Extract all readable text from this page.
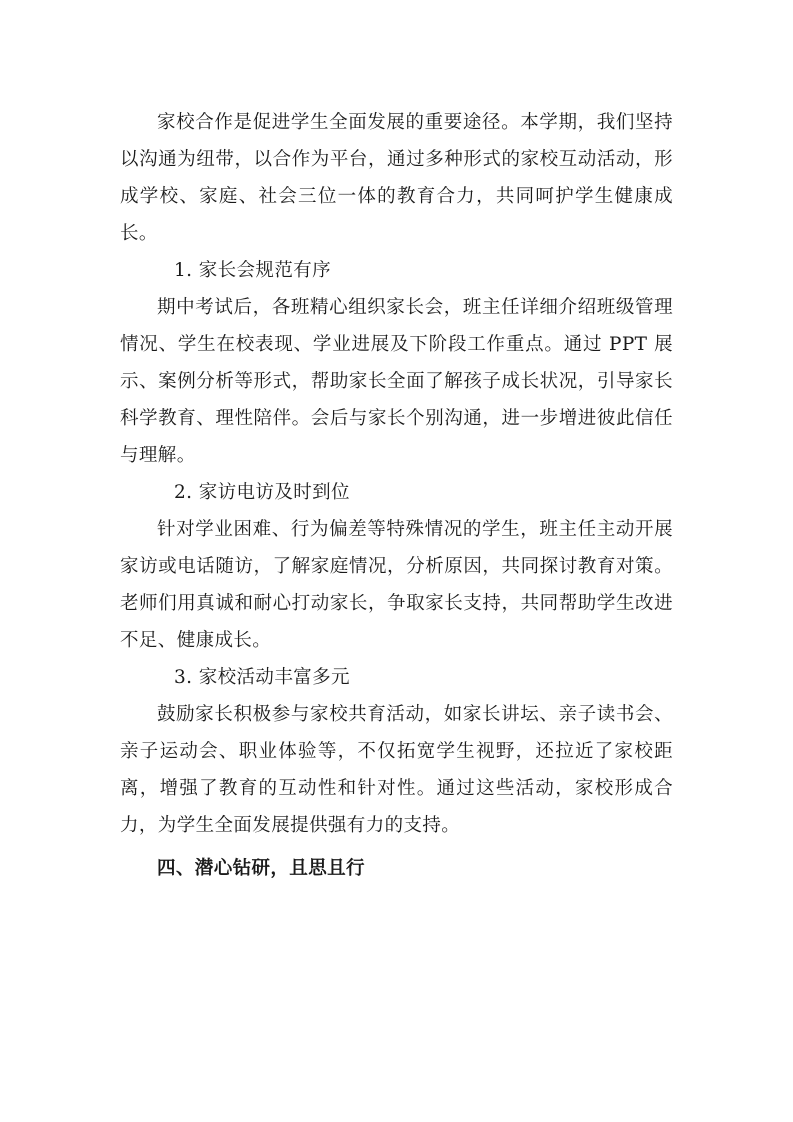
家校合作是促进学生全面发展的重要途径。本学期，我们坚持以沟通为纽带，以合作为平台，通过多种形式的家校互动活动，形成学校、家庭、社会三位一体的教育合力，共同呵护学生健康成长。

1. 家长会规范有序

期中考试后，各班精心组织家长会，班主任详细介绍班级管理情况、学生在校表现、学业进展及下阶段工作重点。通过 PPT 展示、案例分析等形式，帮助家长全面了解孩子成长状况，引导家长科学教育、理性陪伴。会后与家长个别沟通，进一步增进彼此信任与理解。

2. 家访电访及时到位

针对学业困难、行为偏差等特殊情况的学生，班主任主动开展家访或电话随访，了解家庭情况，分析原因，共同探讨教育对策。老师们用真诚和耐心打动家长，争取家长支持，共同帮助学生改进不足、健康成长。

3. 家校活动丰富多元

鼓励家长积极参与家校共育活动，如家长讲坛、亲子读书会、亲子运动会、职业体验等，不仅拓宽学生视野，还拉近了家校距离，增强了教育的互动性和针对性。通过这些活动，家校形成合力，为学生全面发展提供强有力的支持。

四、潜心钻研，且思且行
